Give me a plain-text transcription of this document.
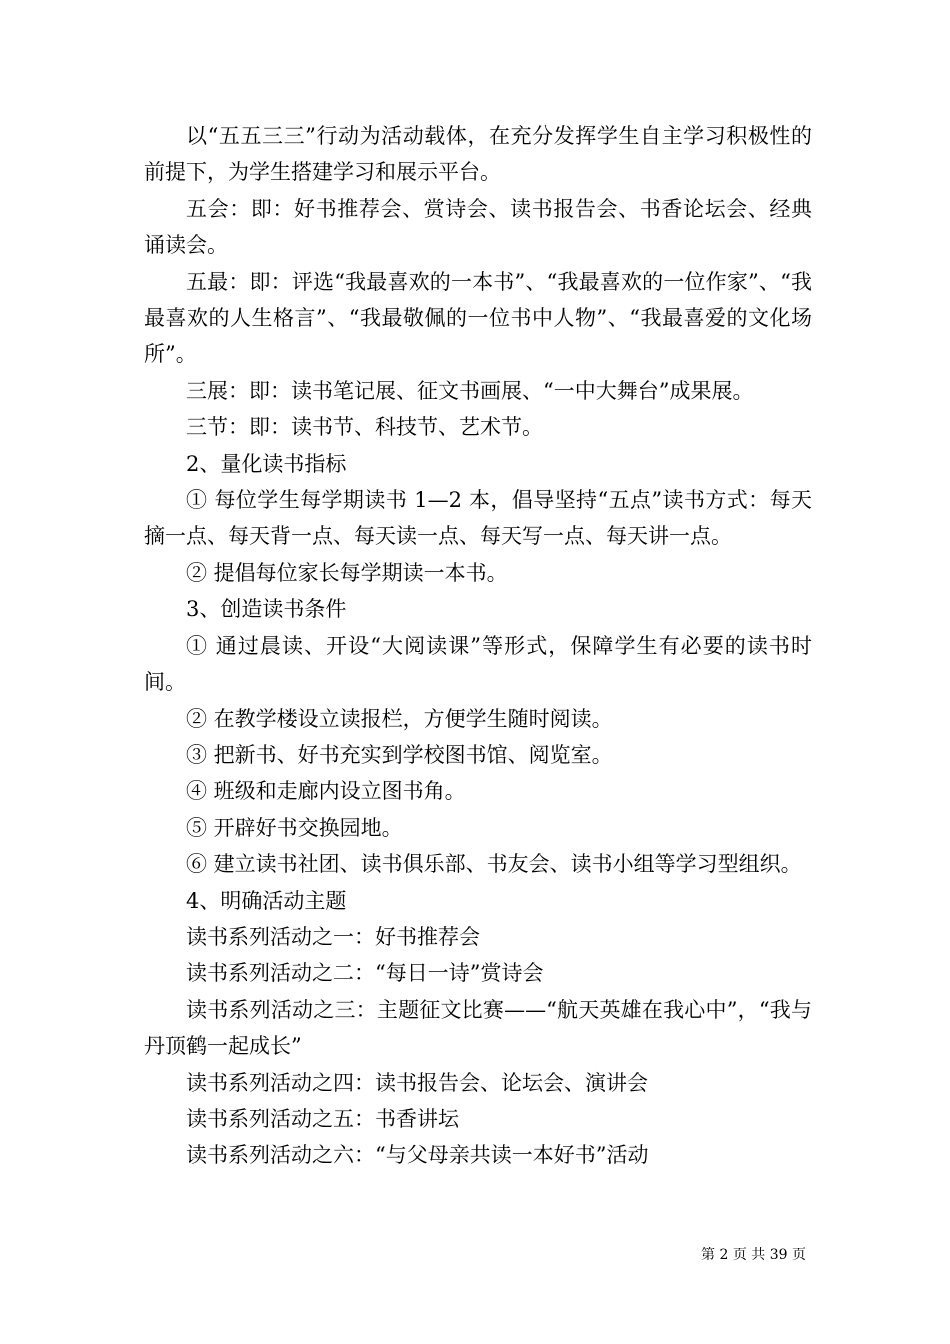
以“五五三三”行动为活动载体，在充分发挥学生自主学习积极性的前提下，为学生搭建学习和展示平台。

五会：即：好书推荐会、赏诗会、读书报告会、书香论坛会、经典诵读会。

五最：即：评选“我最喜欢的一本书”、“我最喜欢的一位作家”、“我最喜欢的人生格言”、“我最敬佩的一位书中人物”、“我最喜爱的文化场所”。

三展：即：读书笔记展、征文书画展、“一中大舞台”成果展。

三节：即：读书节、科技节、艺术节。

2、量化读书指标

① 每位学生每学期读书 1—2 本，倡导坚持“五点”读书方式：每天摘一点、每天背一点、每天读一点、每天写一点、每天讲一点。

② 提倡每位家长每学期读一本书。

3、创造读书条件

① 通过晨读、开设“大阅读课”等形式，保障学生有必要的读书时间。

② 在教学楼设立读报栏，方便学生随时阅读。

③ 把新书、好书充实到学校图书馆、阅览室。

④ 班级和走廊内设立图书角。

⑤ 开辟好书交换园地。

⑥ 建立读书社团、读书俱乐部、书友会、读书小组等学习型组织。

4、明确活动主题

读书系列活动之一：好书推荐会

读书系列活动之二：“每日一诗”赏诗会

读书系列活动之三：主题征文比赛——“航天英雄在我心中”，“我与丹顶鹤一起成长”

读书系列活动之四：读书报告会、论坛会、演讲会

读书系列活动之五：书香讲坛

读书系列活动之六：“与父母亲共读一本好书”活动

第 2 页 共 39 页
